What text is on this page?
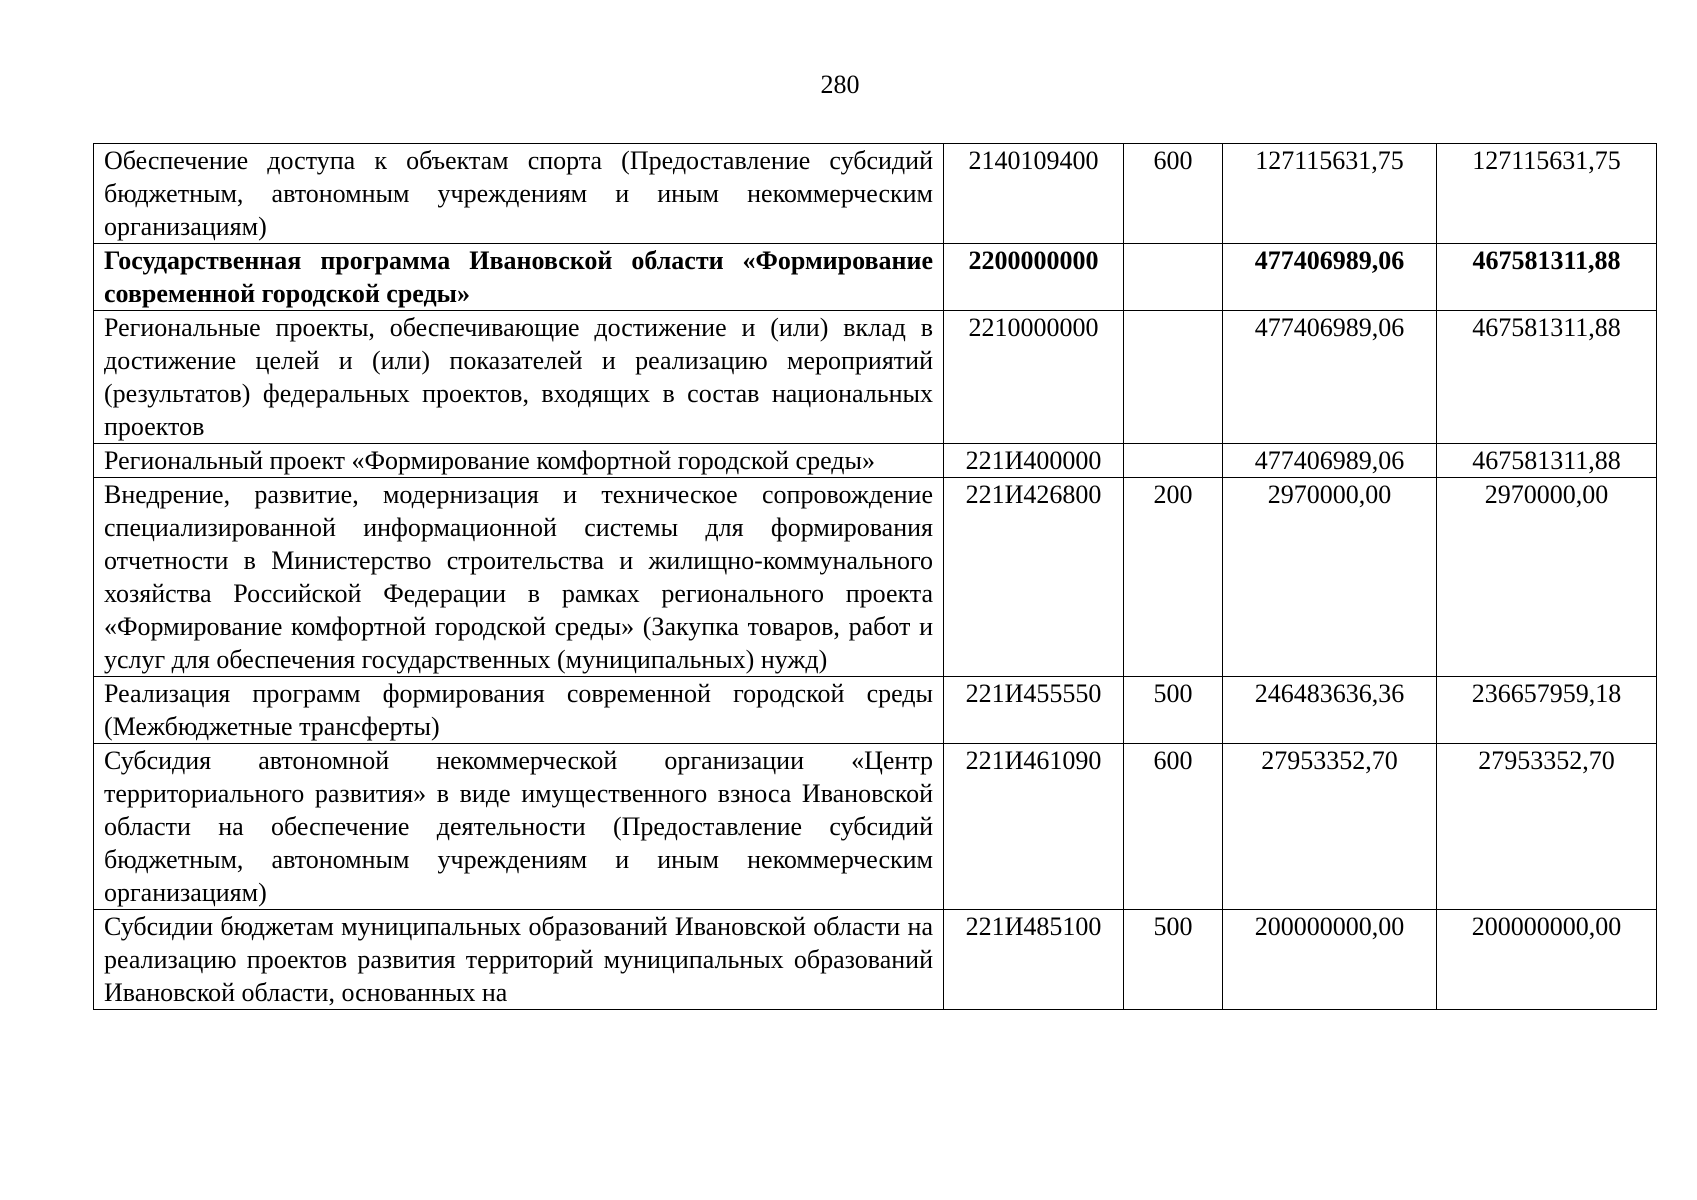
280
Обеспечение доступа к объектам спорта (Предоставление субсидий бюджетным, автономным учреждениям и иным некоммерческим организациям)	2140109400	600	127115631,75	127115631,75
Государственная программа Ивановской области «Формирование современной городской среды»	2200000000		477406989,06	467581311,88
Региональные проекты, обеспечивающие достижение и (или) вклад в достижение целей и (или) показателей и реализацию мероприятий (результатов) федеральных проектов, входящих в состав национальных проектов	2210000000		477406989,06	467581311,88
Региональный проект «Формирование комфортной городской среды»	221И400000		477406989,06	467581311,88
Внедрение, развитие, модернизация и техническое сопровождение специализированной информационной системы для формирования отчетности в Министерство строительства и жилищно-коммунального хозяйства Российской Федерации в рамках регионального проекта «Формирование комфортной городской среды» (Закупка товаров, работ и услуг для обеспечения государственных (муниципальных) нужд)	221И426800	200	2970000,00	2970000,00
Реализация программ формирования современной городской среды (Межбюджетные трансферты)	221И455550	500	246483636,36	236657959,18
Субсидия автономной некоммерческой организации «Центр территориального развития» в виде имущественного взноса Ивановской области на обеспечение деятельности (Предоставление субсидий бюджетным, автономным учреждениям и иным некоммерческим организациям)	221И461090	600	27953352,70	27953352,70
Субсидии бюджетам муниципальных образований Ивановской области на реализацию проектов развития территорий муниципальных образований Ивановской области, основанных на	221И485100	500	200000000,00	200000000,00
